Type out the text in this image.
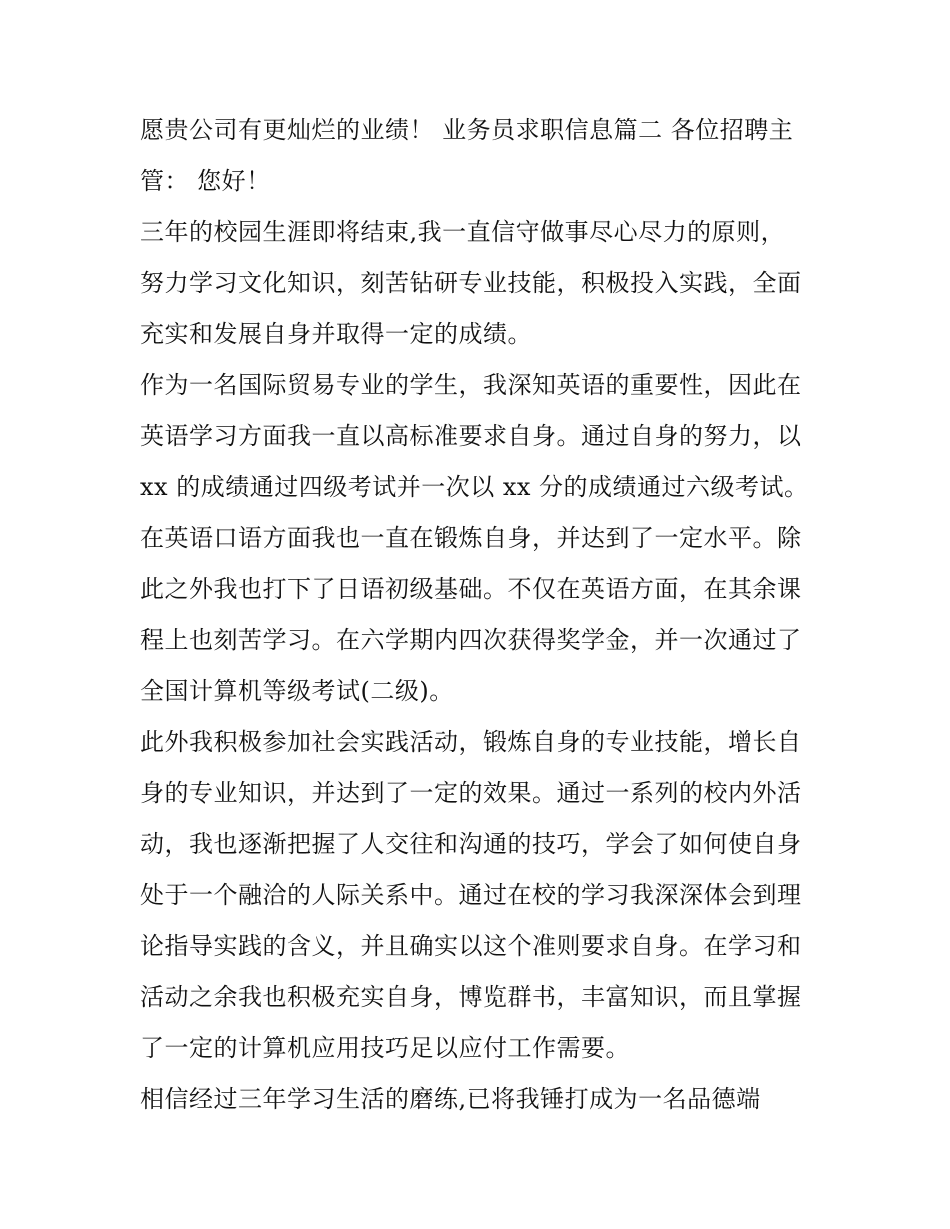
愿贵公司有更灿烂的业绩！ 业务员求职信息篇二 各位招聘主
管： 您好！
三年的校园生涯即将结束,我一直信守做事尽心尽力的原则，
努力学习文化知识，刻苦钻研专业技能，积极投入实践，全面
充实和发展自身并取得一定的成绩。
作为一名国际贸易专业的学生，我深知英语的重要性，因此在
英语学习方面我一直以高标准要求自身。通过自身的努力，以
xx 的成绩通过四级考试并一次以 xx 分的成绩通过六级考试。
在英语口语方面我也一直在锻炼自身，并达到了一定水平。除
此之外我也打下了日语初级基础。不仅在英语方面，在其余课
程上也刻苦学习。在六学期内四次获得奖学金，并一次通过了
全国计算机等级考试(二级)。
此外我积极参加社会实践活动，锻炼自身的专业技能，增长自
身的专业知识，并达到了一定的效果。通过一系列的校内外活
动，我也逐渐把握了人交往和沟通的技巧，学会了如何使自身
处于一个融洽的人际关系中。通过在校的学习我深深体会到理
论指导实践的含义，并且确实以这个准则要求自身。在学习和
活动之余我也积极充实自身，博览群书，丰富知识，而且掌握
了一定的计算机应用技巧足以应付工作需要。
相信经过三年学习生活的磨练,已将我锤打成为一名品德端
